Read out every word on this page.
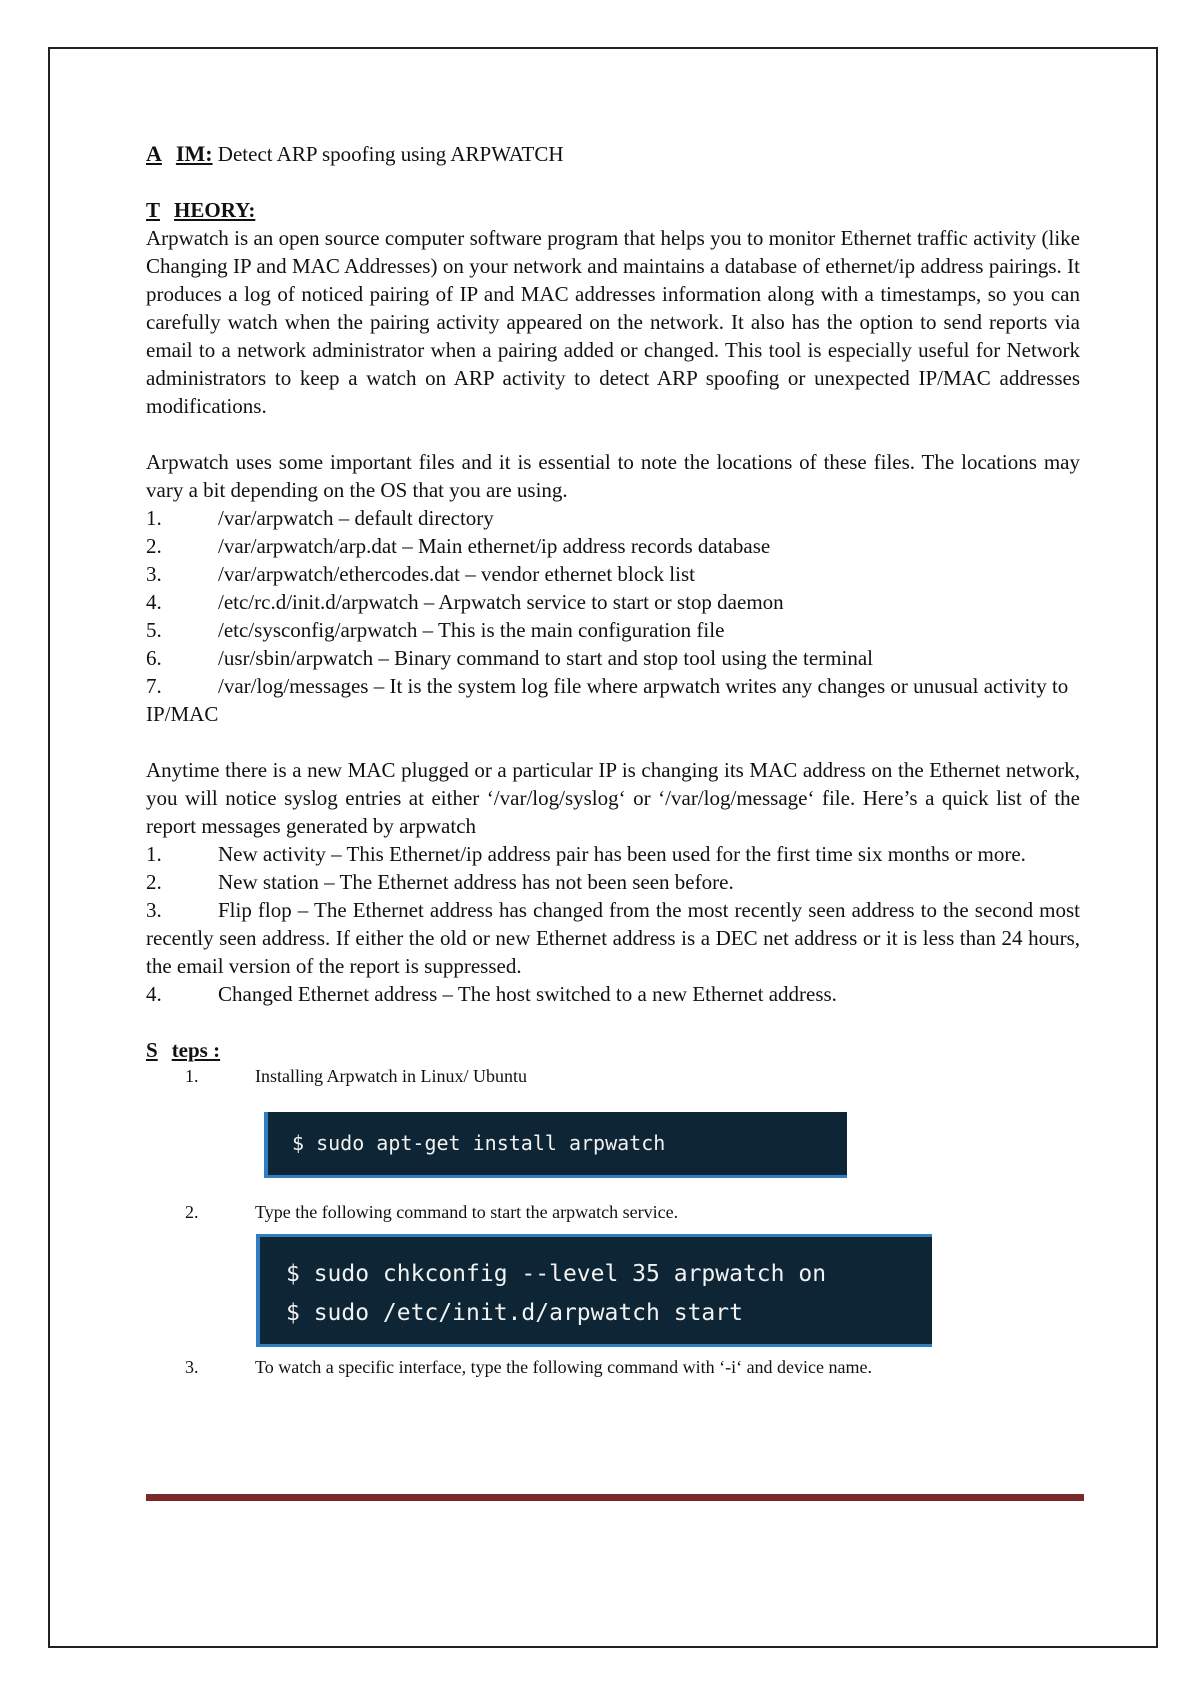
A IM: Detect ARP spoofing using ARPWATCH
T HEORY:

Arpwatch is an open source computer software program that helps you to monitor Ethernet traffic activity (like Changing IP and MAC Addresses) on your network and maintains a database of ethernet/ip address pairings. It produces a log of noticed pairing of IP and MAC addresses information along with a timestamps, so you can carefully watch when the pairing activity appeared on the network. It also has the option to send reports via email to a network administrator when a pairing added or changed. This tool is especially useful for Network administrators to keep a watch on ARP activity to detect ARP spoofing or unexpected IP/MAC addresses modifications.

Arpwatch uses some important files and it is essential to note the locations of these files. The locations may vary a bit depending on the OS that you are using.

1.	/var/arpwatch – default directory
2.	/var/arpwatch/arp.dat – Main ethernet/ip address records database
3.	/var/arpwatch/ethercodes.dat – vendor ethernet block list
4.	/etc/rc.d/init.d/arpwatch – Arpwatch service to start or stop daemon
5.	/etc/sysconfig/arpwatch – This is the main configuration file
6.	/usr/sbin/arpwatch – Binary command to start and stop tool using the terminal
7.	/var/log/messages – It is the system log file where arpwatch writes any changes or unusual activity to IP/MAC

Anytime there is a new MAC plugged or a particular IP is changing its MAC address on the Ethernet network, you will notice syslog entries at either ‘/var/log/syslog‘ or ‘/var/log/message‘ file. Here’s a quick list of the report messages generated by arpwatch

1.	New activity – This Ethernet/ip address pair has been used for the first time six months or more.
2.	New station – The Ethernet address has not been seen before.
3.	Flip flop – The Ethernet address has changed from the most recently seen address to the second most recently seen address. If either the old or new Ethernet address is a DEC net address or it is less than 24 hours, the email version of the report is suppressed.
4.	Changed Ethernet address – The host switched to a new Ethernet address.
S teps :
1.	Installing Arpwatch in Linux/ Ubuntu
$ sudo apt-get install arpwatch
2.	Type the following command to start the arpwatch service.
$ sudo chkconfig --level 35 arpwatch on
$ sudo /etc/init.d/arpwatch start
3.	To watch a specific interface, type the following command with ‘-i‘ and device name.
